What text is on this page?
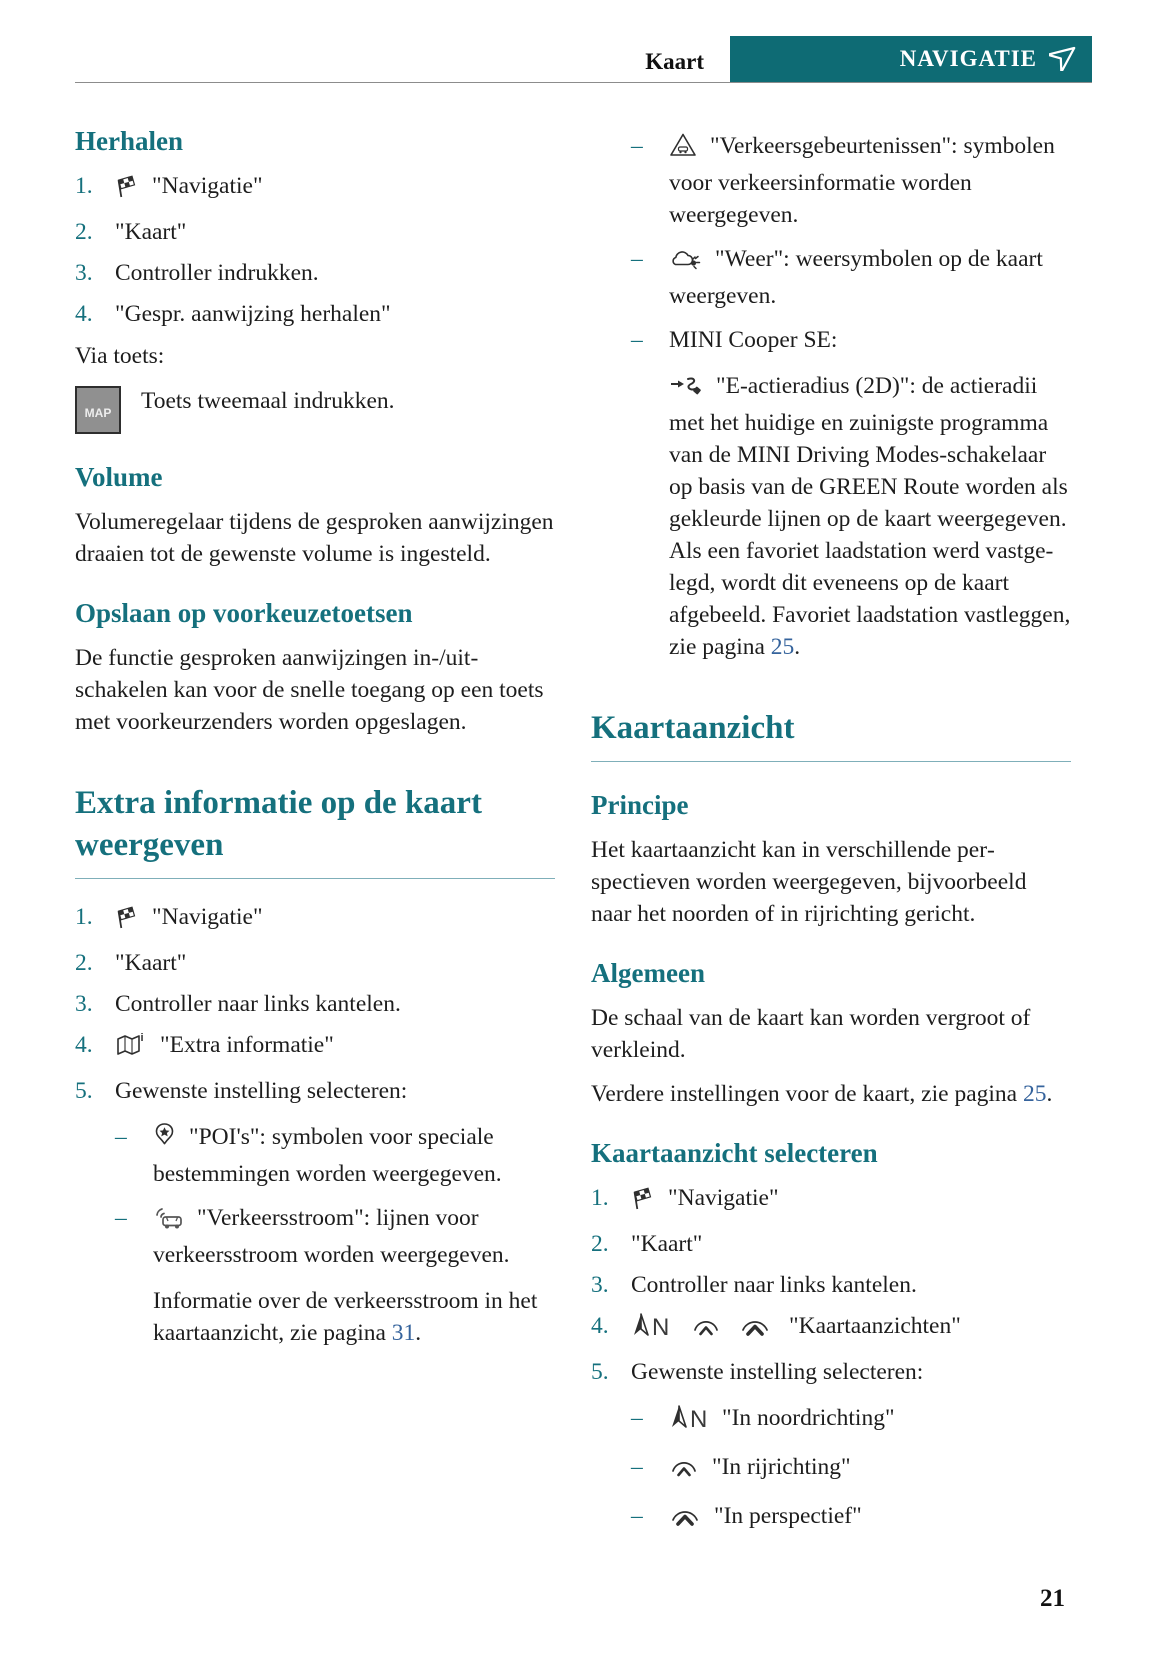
Kaart	NAVIGATIE
Herhalen
1.	"Navigatie"
2. "Kaart"
3. Controller indrukken.
4. "Gespr. aanwijzing herhalen"
Via toets:
MAP	Toets tweemaal indrukken.
Volume

Volumeregelaar tijdens de gesproken aanwijzingen draaien tot de gewenste volume is ingesteld.

Opslaan op voorkeuzetoetsen

De functie gesproken aanwijzingen in-/uitschakelen kan voor de snelle toegang op een toets met voorkeurzenders worden opgeslagen.

Extra informatie op de kaart weergeven
1.	"Navigatie"
2. "Kaart"
3. Controller naar links kantelen.
4.	i "Extra informatie"
5. Gewenste instelling selecteren:
–	"POI's": symbolen voor speciale bestemmingen worden weergegeven.
–	"Verkeersstroom": lijnen voor verkeersstroom worden weergegeven.

Informatie over de verkeersstroom in het kaartaanzicht, zie pagina 31.

–	"Verkeersgebeurtenissen": symbolen voor verkeersinformatie worden weergegeven.
–	"Weer": weersymbolen op de kaart weergeven.
– MINI Cooper SE:

"E-actieradius (2D)": de actieradii met het huidige en zuinigste programma van de MINI Driving Modes-schakelaar op basis van de GREEN Route worden als gekleurde lijnen op de kaart weergegeven. Als een favoriet laadstation werd vastgelegd, wordt dit eveneens op de kaart afgebeeld. Favoriet laadstation vastleggen, zie pagina 25.

Kaartaanzicht
Principe

Het kaartaanzicht kan in verschillende perspectieven worden weergegeven, bijvoorbeeld naar het noorden of in rijrichting gericht.

Algemeen

De schaal van de kaart kan worden vergroot of verkleind.

Verdere instellingen voor de kaart, zie pagina 25.

Kaartaanzicht selecteren
1.	"Navigatie"
2. "Kaart"
3. Controller naar links kantelen.
4. N	"Kaartaanzichten"
5. Gewenste instelling selecteren:
– N "In noordrichting"
–	"In rijrichting"
–	"In perspectief"
21
